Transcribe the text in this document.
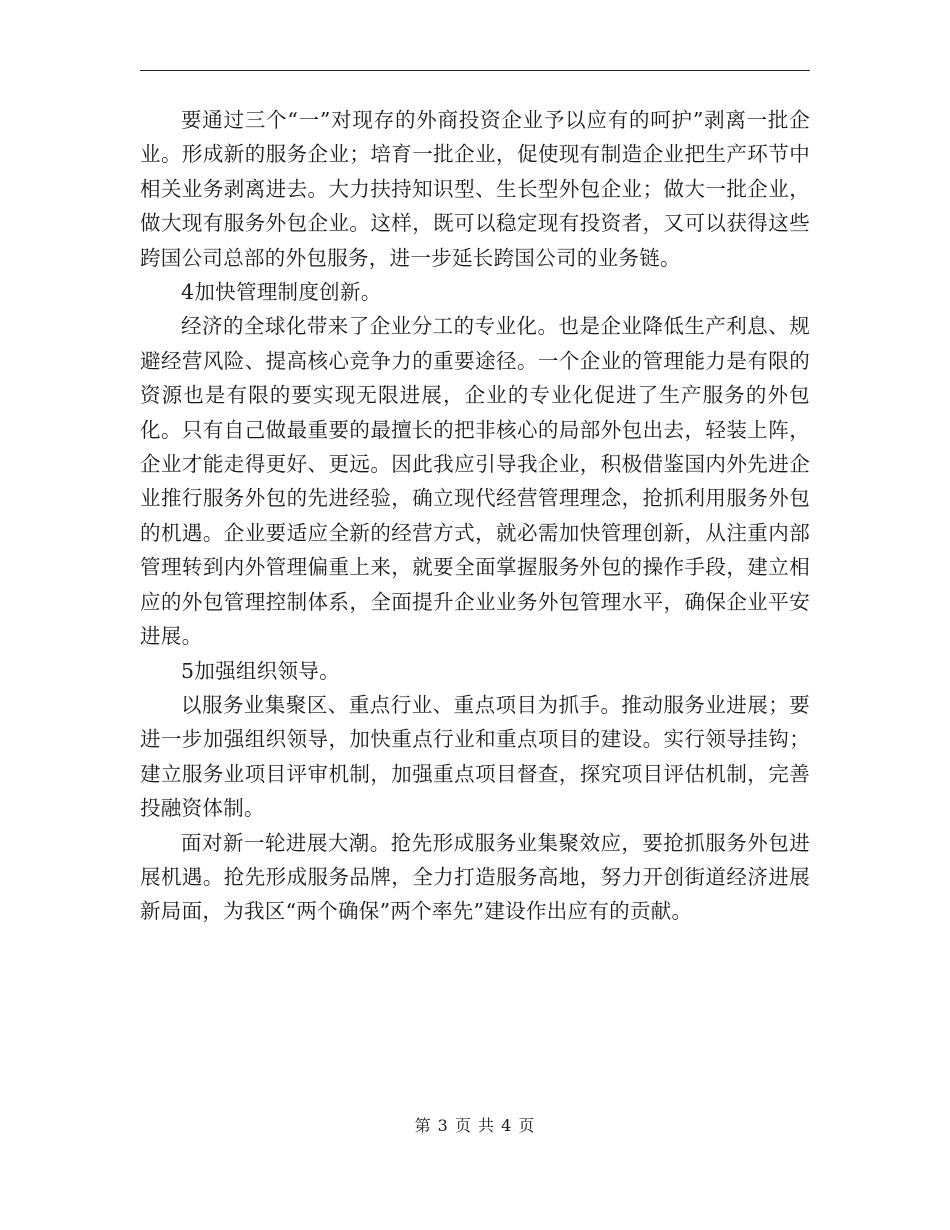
要通过三个“一”对现存的外商投资企业予以应有的呵护”剥离一批企业。形成新的服务企业；培育一批企业，促使现有制造企业把生产环节中相关业务剥离进去。大力扶持知识型、生长型外包企业；做大一批企业，做大现有服务外包企业。这样，既可以稳定现有投资者，又可以获得这些跨国公司总部的外包服务，进一步延长跨国公司的业务链。

4加快管理制度创新。

经济的全球化带来了企业分工的专业化。也是企业降低生产利息、规避经营风险、提高核心竞争力的重要途径。一个企业的管理能力是有限的资源也是有限的要实现无限进展，企业的专业化促进了生产服务的外包化。只有自己做最重要的最擅长的把非核心的局部外包出去，轻装上阵，企业才能走得更好、更远。因此我应引导我企业，积极借鉴国内外先进企业推行服务外包的先进经验，确立现代经营管理理念，抢抓利用服务外包的机遇。企业要适应全新的经营方式，就必需加快管理创新，从注重内部管理转到内外管理偏重上来，就要全面掌握服务外包的操作手段，建立相应的外包管理控制体系，全面提升企业业务外包管理水平，确保企业平安进展。

5加强组织领导。

以服务业集聚区、重点行业、重点项目为抓手。推动服务业进展；要进一步加强组织领导，加快重点行业和重点项目的建设。实行领导挂钩；建立服务业项目评审机制，加强重点项目督查，探究项目评估机制，完善投融资体制。

面对新一轮进展大潮。抢先形成服务业集聚效应，要抢抓服务外包进展机遇。抢先形成服务品牌，全力打造服务高地，努力开创街道经济进展新局面，为我区“两个确保”两个率先”建设作出应有的贡献。

第 3 页 共 4 页
